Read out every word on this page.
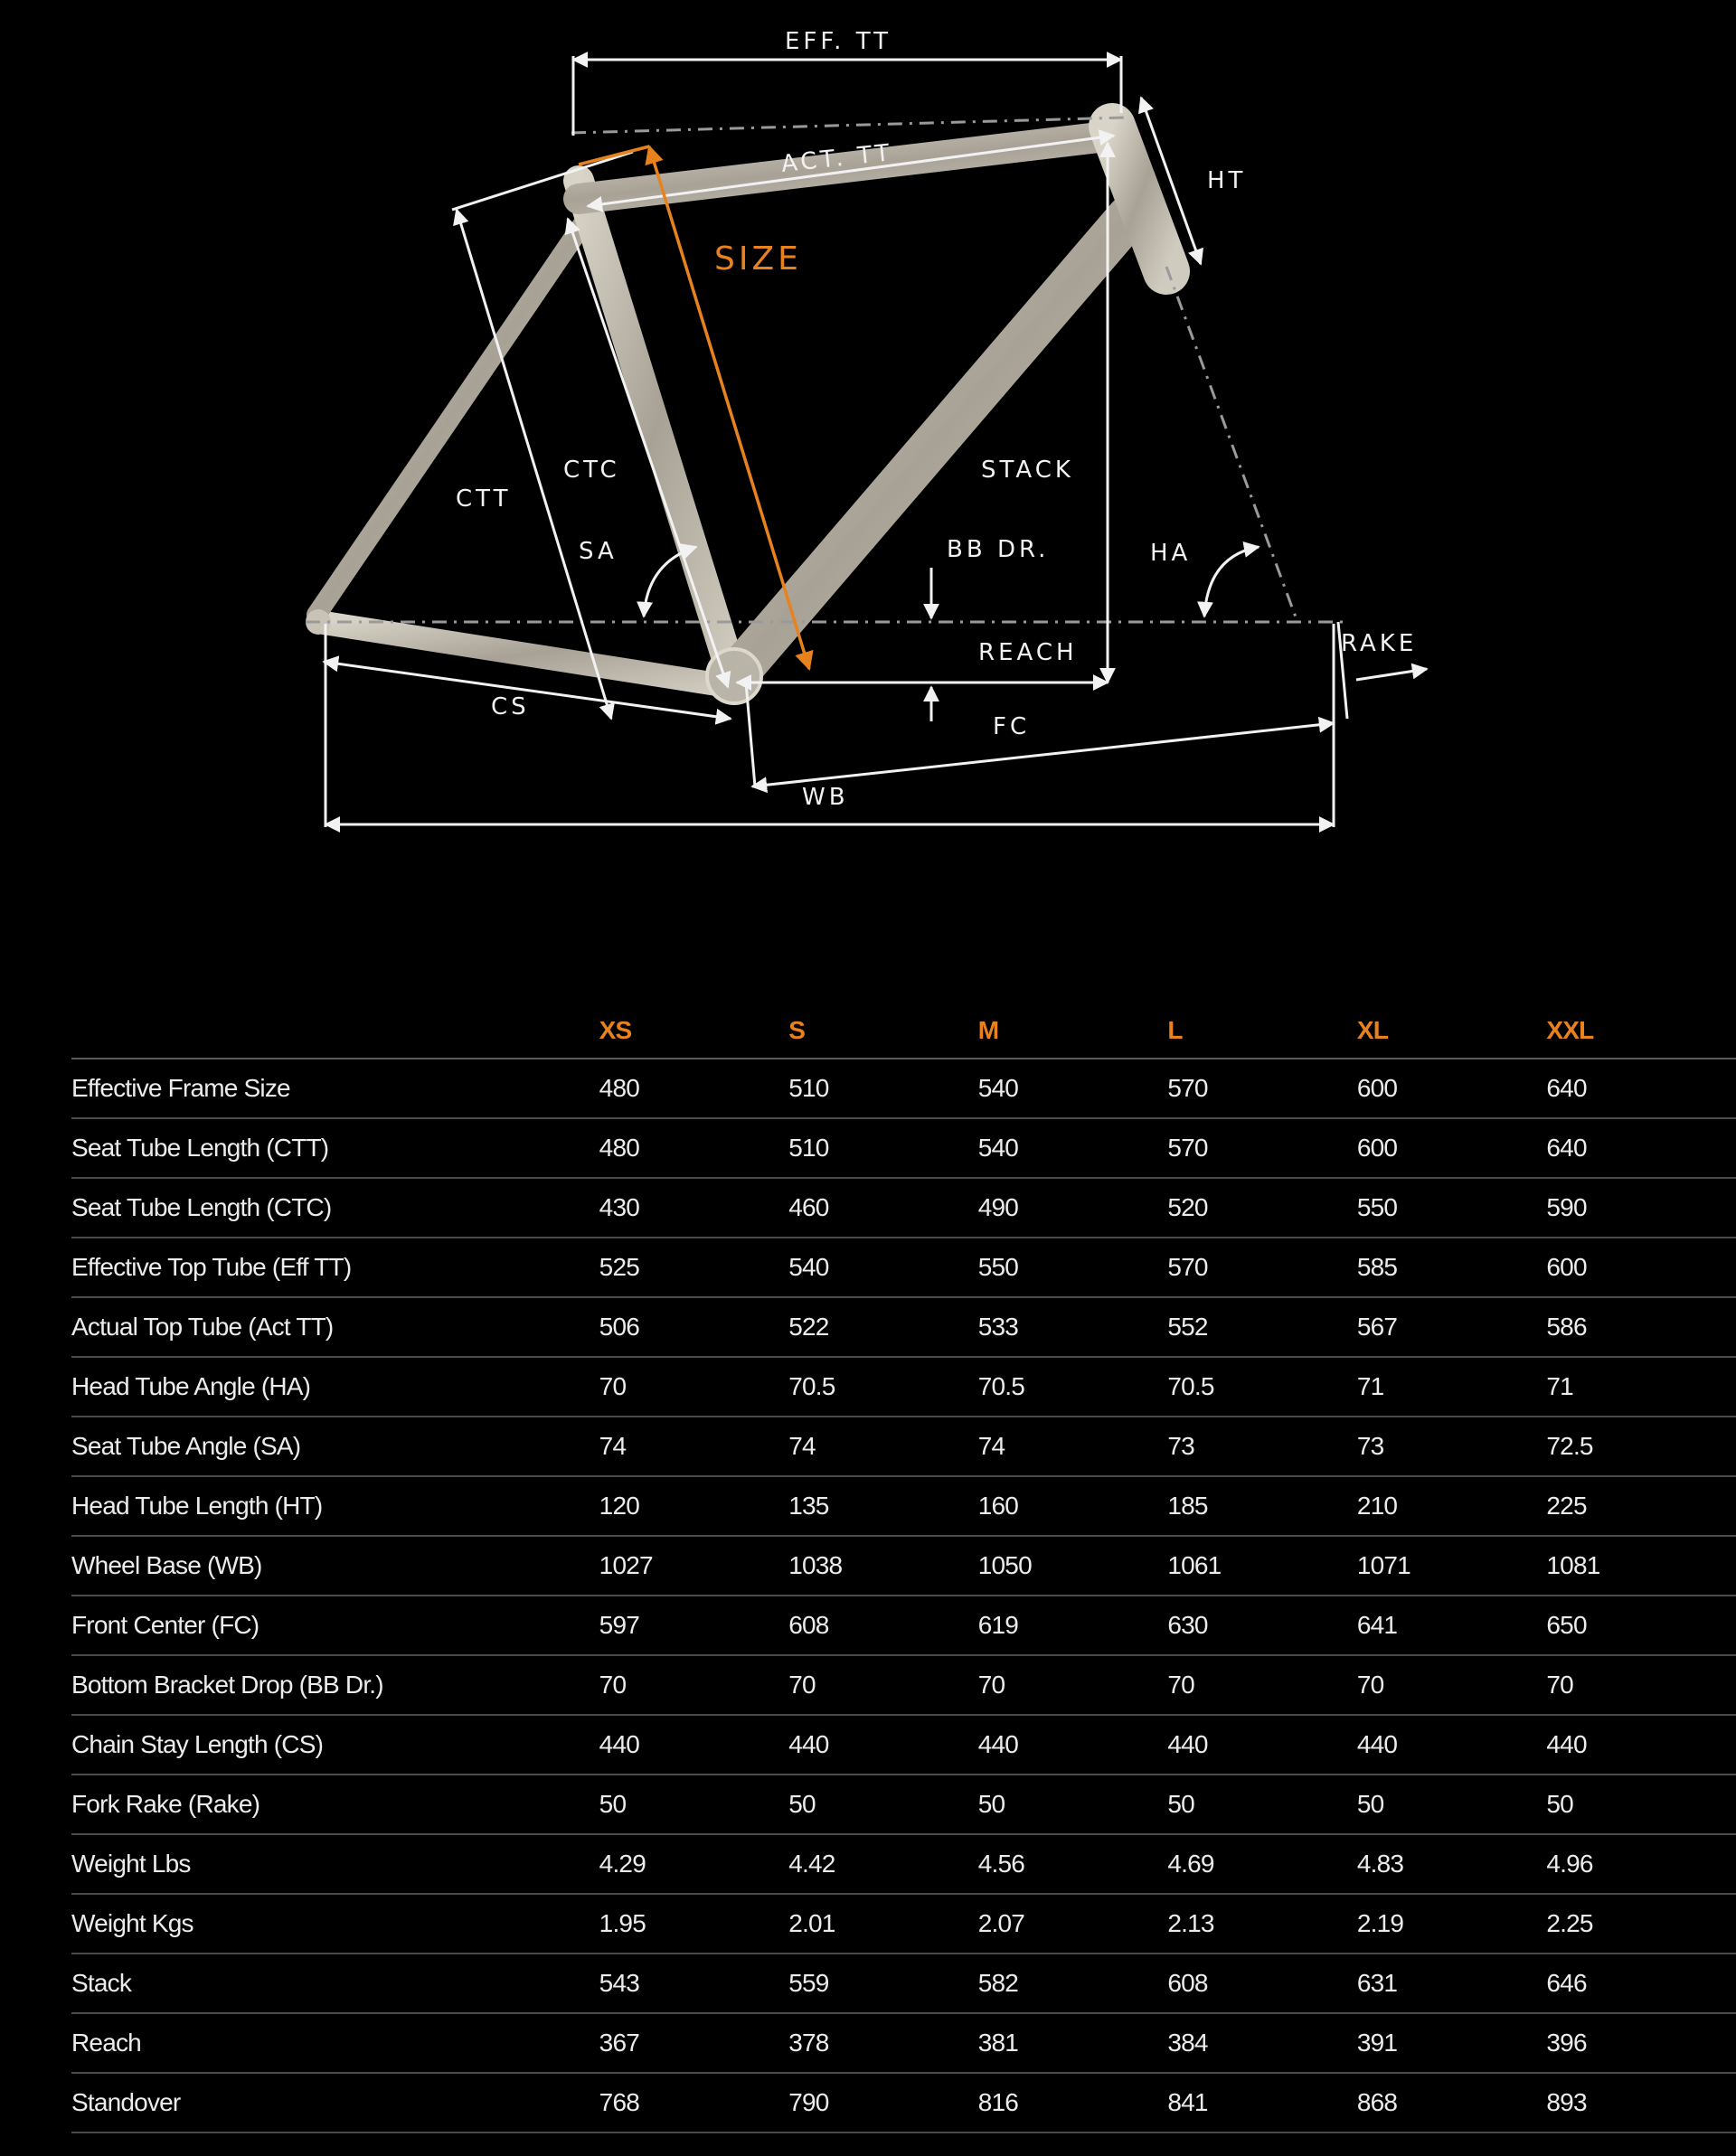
EFF. TT
ACT. TT
HT
SIZE
CTC
CTT
STACK
SA	BB DR.	HA
REACH	RAKE
CS
FC
WB
	XS	S	M	L	XL	XXL
Effective Frame Size	480	510	540	570	600	640
Seat Tube Length (CTT)	480	510	540	570	600	640
Seat Tube Length (CTC)	430	460	490	520	550	590
Effective Top Tube (Eff TT)	525	540	550	570	585	600
Actual Top Tube (Act TT)	506	522	533	552	567	586
Head Tube Angle (HA)	70	70.5	70.5	70.5	71	71
Seat Tube Angle (SA)	74	74	74	73	73	72.5
Head Tube Length (HT)	120	135	160	185	210	225
Wheel Base (WB)	1027	1038	1050	1061	1071	1081
Front Center (FC)	597	608	619	630	641	650
Bottom Bracket Drop (BB Dr.)	70	70	70	70	70	70
Chain Stay Length (CS)	440	440	440	440	440	440
Fork Rake (Rake)	50	50	50	50	50	50
Weight Lbs	4.29	4.42	4.56	4.69	4.83	4.96
Weight Kgs	1.95	2.01	2.07	2.13	2.19	2.25
Stack	543	559	582	608	631	646
Reach	367	378	381	384	391	396
Standover	768	790	816	841	868	893
